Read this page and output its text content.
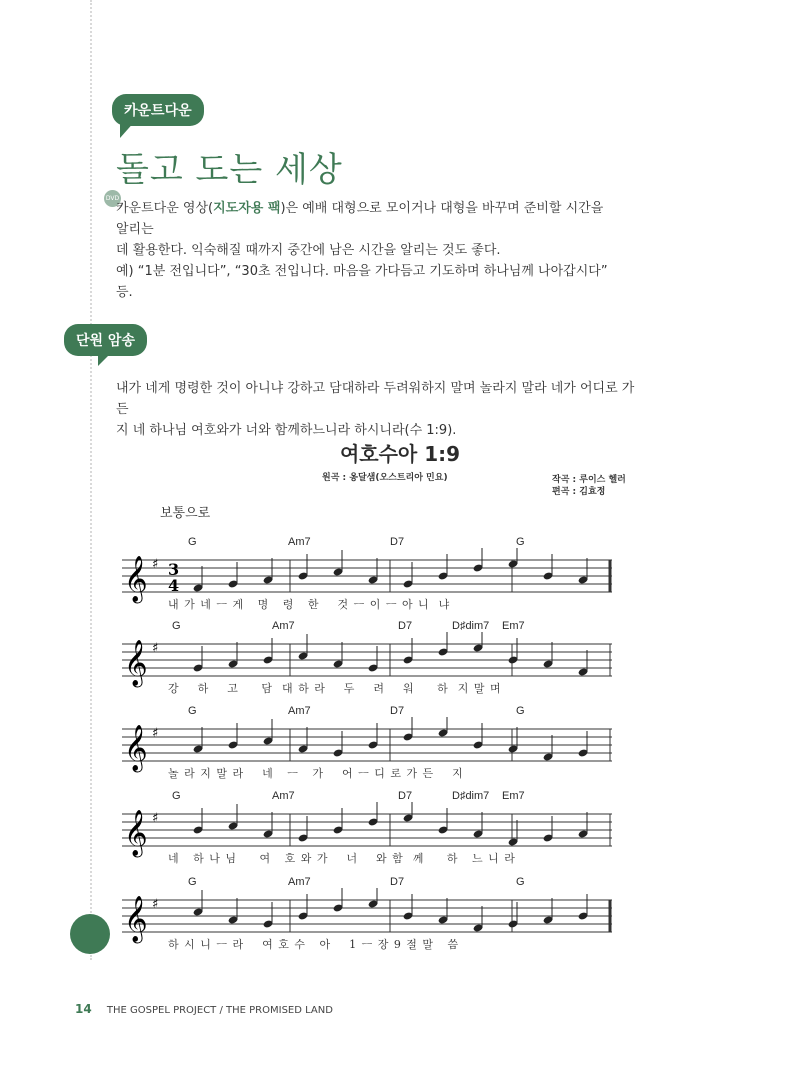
카운트다운
돌고 도는 세상
DVD
카운트다운 영상(지도자용 팩)은 예배 대형으로 모이거나 대형을 바꾸며 준비할 시간을 알리는
데 활용한다. 익숙해질 때까지 중간에 남은 시간을 알리는 것도 좋다.
예) “1분 전입니다”, “30초 전입니다. 마음을 가다듬고 기도하며 하나님께 나아갑시다” 등.
단원 암송
내가 네게 명령한 것이 아니냐 강하고 담대하라 두려워하지 말며 놀라지 말라 네가 어디로 가든
지 네 하나님 여호와가 너와 함께하느니라 하시니라(수 1:9).
여호수아 1:9
원곡 : 옹달샘(오스트리아 민요)	작곡 : 루이스 헬러
편곡 : 김효정
보통으로
G	Am7	D7	G
𝄞 ♯ 3
4
내 가 네 ㅡ 게   명   령   한    것 ㅡ 이 ㅡ 아 니  냐
G	Am7	D7	D♯dim7 Em7
𝄞 ♯
강    하    고     담  대 하 라    두    려    워     하  지 말 며
G	Am7	D7	G
𝄞 ♯
놀 라 지 말 라    네   ㅡ   가    어 ㅡ 디 로 가 든    지
G	Am7	D7	D♯dim7 Em7
𝄞 ♯
네   하 나 님     여   호 와 가    너    와 함  께     하   느 니 라
G	Am7	D7	G
𝄞 ♯
하 시 니 ㅡ 라    여 호 수   아    1 ㅡ 장 9 절 말   씀
14 THE GOSPEL PROJECT / THE PROMISED LAND
